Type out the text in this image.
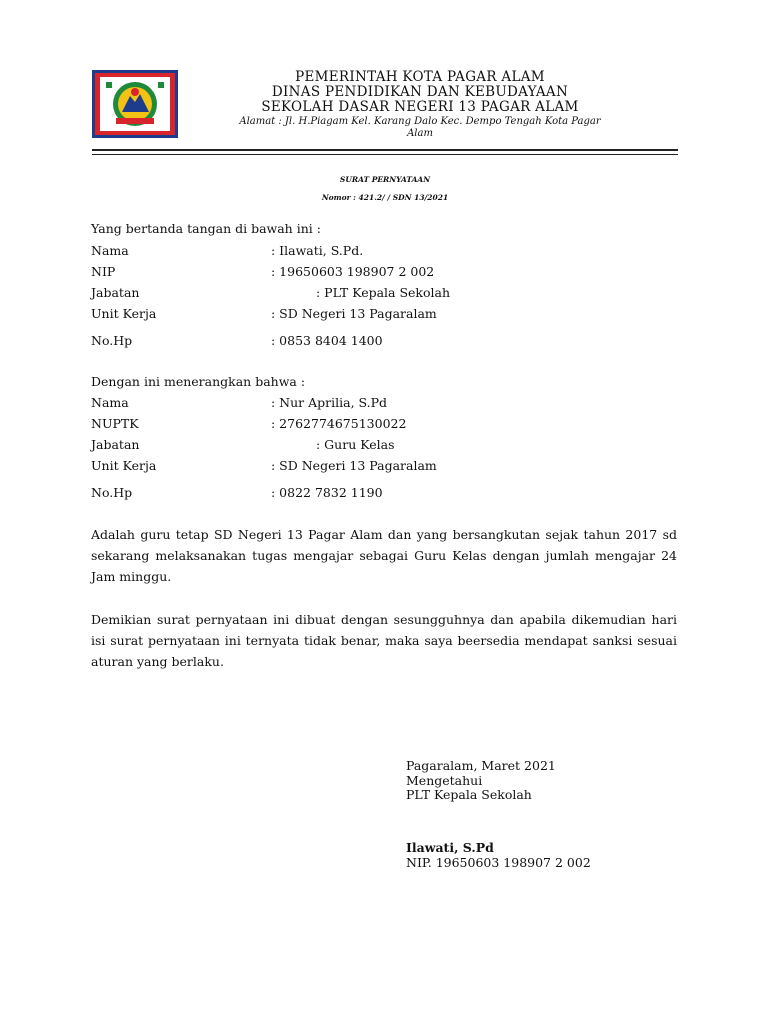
PEMERINTAH KOTA PAGAR ALAM
DINAS PENDIDIKAN DAN KEBUDAYAAN
SEKOLAH DASAR NEGERI 13 PAGAR ALAM
Alamat : Jl. H.Piagam Kel. Karang Dalo Kec. Dempo Tengah Kota Pagar Alam
SURAT PERNYATAAN
Nomor : 421.2/ / SDN 13/2021
Yang bertanda tangan di bawah ini :
Nama	: Ilawati, S.Pd.
NIP	: 19650603 198907 2 002
Jabatan	: PLT Kepala Sekolah
Unit Kerja	: SD Negeri 13 Pagaralam
No.Hp	: 0853 8404 1400
Dengan ini menerangkan bahwa :
Nama	: Nur Aprilia, S.Pd
NUPTK	: 2762774675130022
Jabatan	: Guru Kelas
Unit Kerja	: SD Negeri 13 Pagaralam
No.Hp	: 0822 7832 1190
Adalah guru tetap SD Negeri 13 Pagar Alam dan yang bersangkutan sejak tahun 2017 sd sekarang melaksanakan tugas mengajar sebagai Guru Kelas dengan jumlah mengajar 24 Jam minggu.
Demikian surat pernyataan ini dibuat dengan sesungguhnya dan apabila dikemudian hari isi surat pernyataan ini ternyata tidak benar, maka saya beersedia mendapat sanksi sesuai aturan yang berlaku.
Pagaralam, Maret 2021
Mengetahui
PLT Kepala Sekolah
Ilawati, S.Pd
NIP. 19650603 198907 2 002
